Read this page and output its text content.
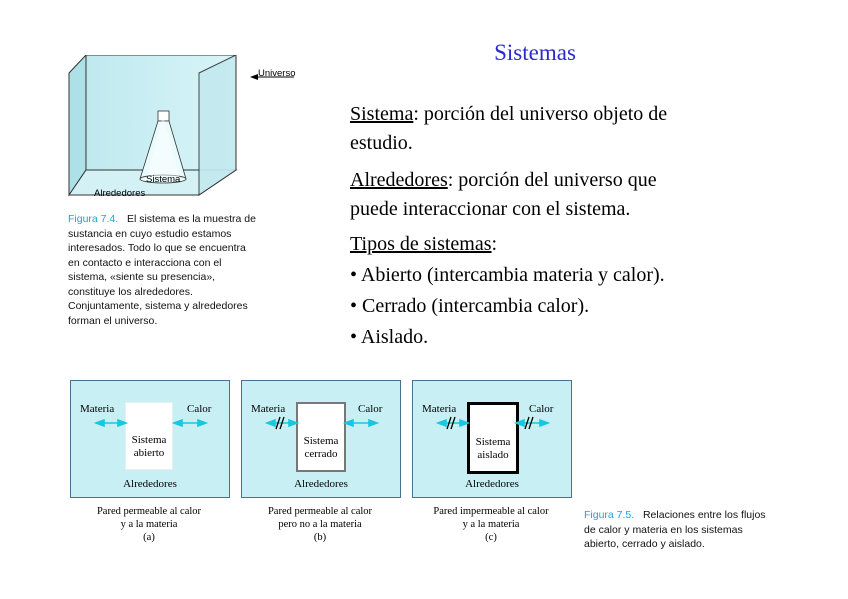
Universo
Sistema
Alrededores
Figura 7.4. El sistema es la muestra de
sustancia en cuyo estudio estamos
interesados. Todo lo que se encuentra
en contacto e interacciona con el
sistema, «siente su presencia»,
constituye los alrededores.
Conjuntamente, sistema y alrededores
forman el universo.
Sistemas
Sistema: porción del universo objeto de
estudio.
Alrededores: porción del universo que
puede interaccionar con el sistema.
Tipos de sistemas:
• Abierto (intercambia materia y calor).
• Cerrado (intercambia calor).
• Aislado.
Materia	Calor
Sistema
abierto
Alrededores
Pared permeable al calor
y a la materia
(a)
Materia	Calor
Sistema
cerrado
Alrededores
Pared permeable al calor
pero no a la materia
(b)
Materia	Calor
Sistema
aislado
Alrededores
Pared impermeable al calor
y a la materia
(c)
Figura 7.5. Relaciones entre los flujos
de calor y materia en los sistemas
abierto, cerrado y aislado.
